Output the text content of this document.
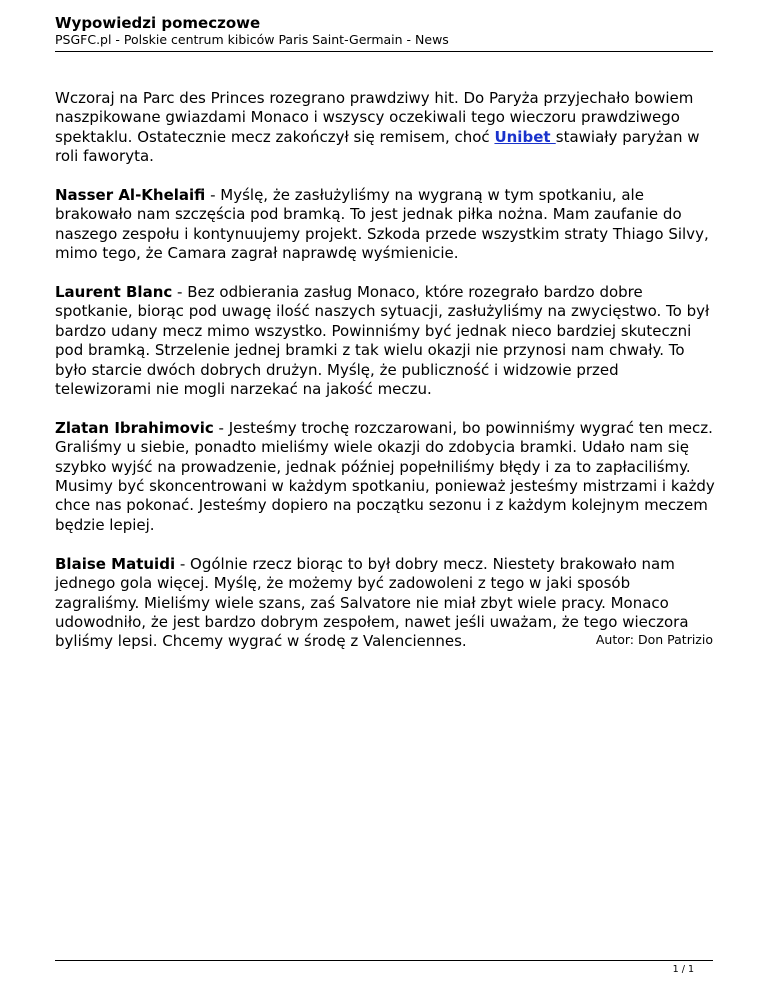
Wypowiedzi pomeczowe

PSGFC.pl - Polskie centrum kibiców Paris Saint-Germain - News

Wczoraj na Parc des Princes rozegrano prawdziwy hit. Do Paryża przyjechało bowiem naszpikowane gwiazdami Monaco i wszyscy oczekiwali tego wieczoru prawdziwego spektaklu. Ostatecznie mecz zakończył się remisem, choć Unibet stawiały paryżan w roli faworyta.

Nasser Al-Khelaifi - Myślę, że zasłużyliśmy na wygraną w tym spotkaniu, ale brakowało nam szczęścia pod bramką. To jest jednak piłka nożna. Mam zaufanie do naszego zespołu i kontynuujemy projekt. Szkoda przede wszystkim straty Thiago Silvy, mimo tego, że Camara zagrał naprawdę wyśmienicie.

Laurent Blanc - Bez odbierania zasług Monaco, które rozegrało bardzo dobre spotkanie, biorąc pod uwagę ilość naszych sytuacji, zasłużyliśmy na zwycięstwo. To był bardzo udany mecz mimo wszystko. Powinniśmy być jednak nieco bardziej skuteczni pod bramką. Strzelenie jednej bramki z tak wielu okazji nie przynosi nam chwały. To było starcie dwóch dobrych drużyn. Myślę, że publiczność i widzowie przed telewizorami nie mogli narzekać na jakość meczu.

Zlatan Ibrahimovic - Jesteśmy trochę rozczarowani, bo powinniśmy wygrać ten mecz. Graliśmy u siebie, ponadto mieliśmy wiele okazji do zdobycia bramki. Udało nam się szybko wyjść na prowadzenie, jednak później popełniliśmy błędy i za to zapłaciliśmy. Musimy być skoncentrowani w każdym spotkaniu, ponieważ jesteśmy mistrzami i każdy chce nas pokonać. Jesteśmy dopiero na początku sezonu i z każdym kolejnym meczem będzie lepiej.

Blaise Matuidi - Ogólnie rzecz biorąc to był dobry mecz. Niestety brakowało nam jednego gola więcej. Myślę, że możemy być zadowoleni z tego w jaki sposób zagraliśmy. Mieliśmy wiele szans, zaś Salvatore nie miał zbyt wiele pracy. Monaco udowodniło, że jest bardzo dobrym zespołem, nawet jeśli uważam, że tego wieczora byliśmy lepsi. Chcemy wygrać w środę z Valenciennes.	Autor: Don Patrizio
1 / 1
